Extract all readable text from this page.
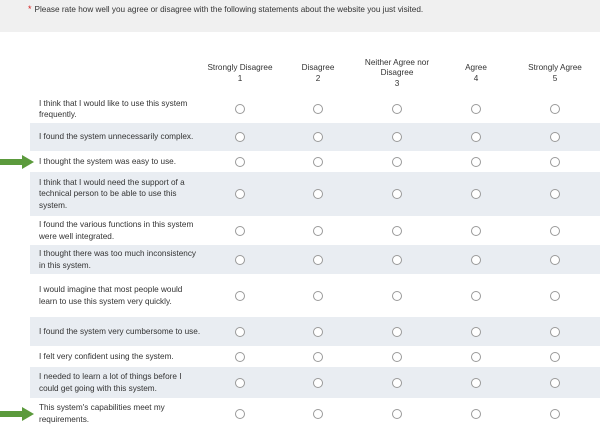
* Please rate how well you agree or disagree with the following statements about the website you just visited.
Strongly Disagree
1
Disagree
2
Neither Agree nor
Disagree
3
Agree
4
Strongly Agree
5
I think that I would like to use this system frequently.
I found the system unnecessarily complex.
I thought the system was easy to use.
I think that I would need the support of a technical person to be able to use this system.
I found the various functions in this system were well integrated.
I thought there was too much inconsistency in this system.
I would imagine that most people would learn to use this system very quickly.
I found the system very cumbersome to use.
I felt very confident using the system.
I needed to learn a lot of things before I could get going with this system.
This system's capabilities meet my requirements.
